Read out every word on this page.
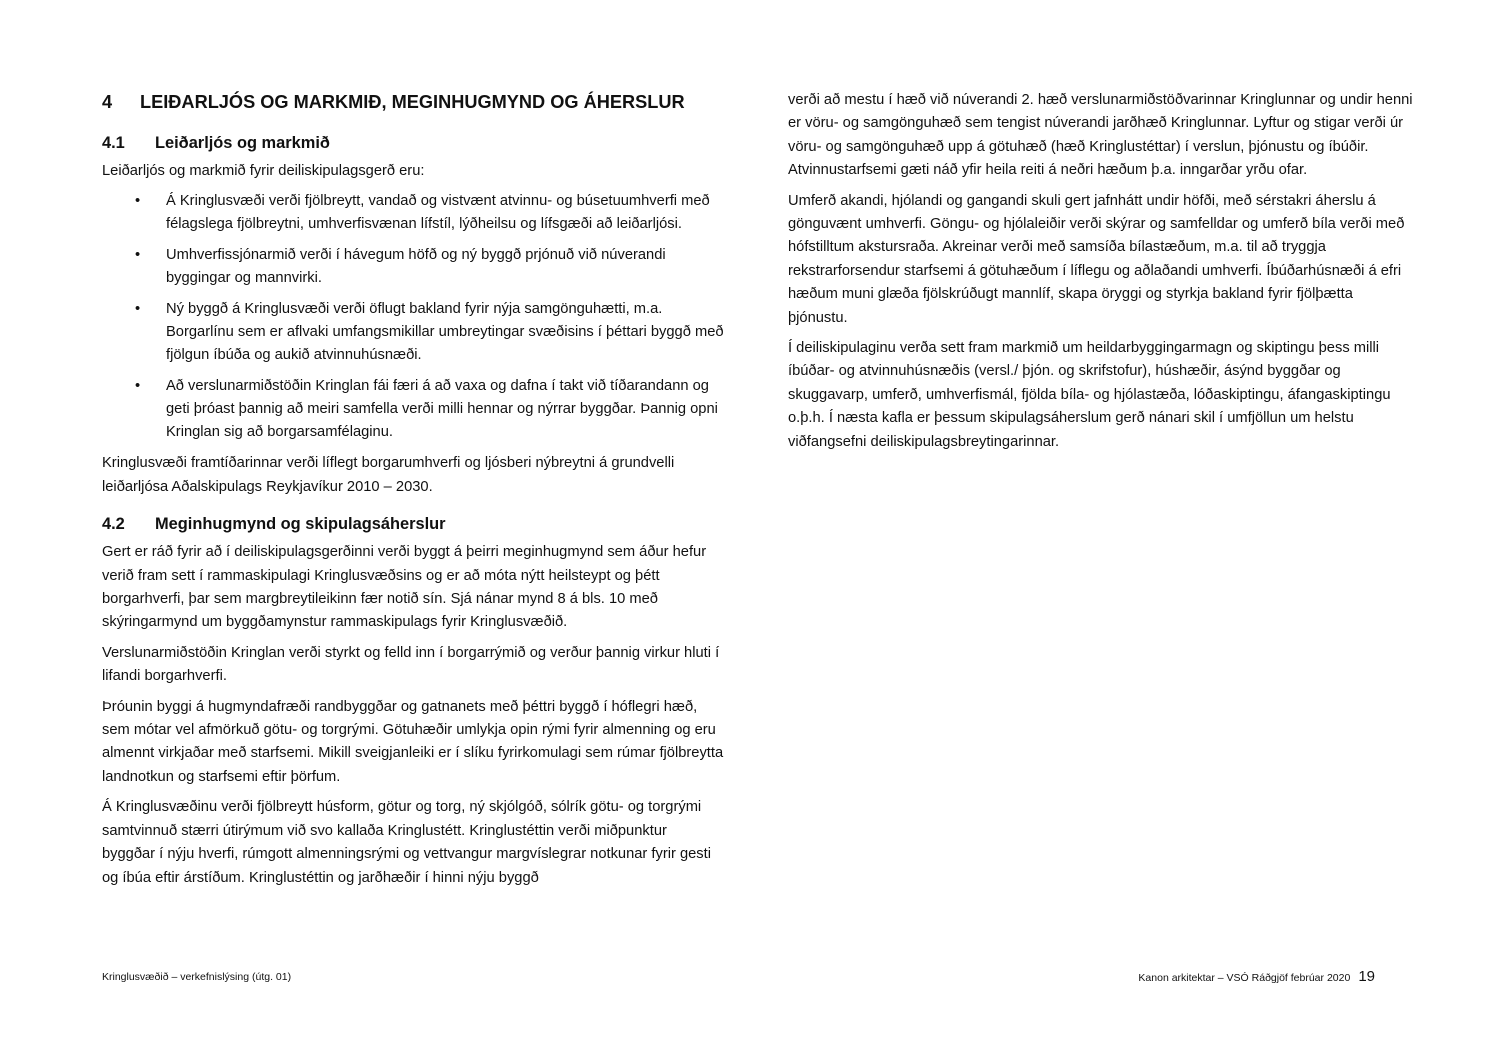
4	LEIÐARLJÓS OG MARKMIÐ, MEGINHUGMYND OG ÁHERSLUR
4.1	Leiðarljós og markmið

Leiðarljós og markmið fyrir deiliskipulagsgerð eru:

•	Á Kringlusvæði verði fjölbreytt, vandað og vistvænt atvinnu- og búsetuumhverfi með félagslega fjölbreytni, umhverfisvænan lífstíl, lýðheilsu og lífsgæði að leiðarljósi.
•	Umhverfissjónarmið verði í hávegum höfð og ný byggð prjónuð við núverandi byggingar og mannvirki.
•	Ný byggð á Kringlusvæði verði öflugt bakland fyrir nýja samgönguhætti, m.a. Borgarlínu sem er aflvaki umfangsmikillar umbreytingar svæðisins í þéttari byggð með fjölgun íbúða og aukið atvinnuhúsnæði.
•	Að verslunarmiðstöðin Kringlan fái færi á að vaxa og dafna í takt við tíðarandann og geti þróast þannig að meiri samfella verði milli hennar og nýrrar byggðar. Þannig opni Kringlan sig að borgarsamfélaginu.

Kringlusvæði framtíðarinnar verði líflegt borgarumhverfi og ljósberi nýbreytni á grundvelli leiðarljósa Aðalskipulags Reykjavíkur 2010 – 2030.

4.2	Meginhugmynd og skipulagsáherslur

Gert er ráð fyrir að í deiliskipulagsgerðinni verði byggt á þeirri meginhugmynd sem áður hefur verið fram sett í rammaskipulagi Kringlusvæðsins og er að móta nýtt heilsteypt og þétt borgarhverfi, þar sem margbreytileikinn fær notið sín. Sjá nánar mynd 8 á bls. 10 með skýringarmynd um byggðamynstur rammaskipulags fyrir Kringlusvæðið.

Verslunarmiðstöðin Kringlan verði styrkt og felld inn í borgarrýmið og verður þannig virkur hluti í lifandi borgarhverfi.

Þróunin byggi á hugmyndafræði randbyggðar og gatnanets með þéttri byggð í hóflegri hæð, sem mótar vel afmörkuð götu- og torgrými. Götuhæðir umlykja opin rými fyrir almenning og eru almennt virkjaðar með starfsemi. Mikill sveigjanleiki er í slíku fyrirkomulagi sem rúmar fjölbreytta landnotkun og starfsemi eftir þörfum.

Á Kringlusvæðinu verði fjölbreytt húsform, götur og torg, ný skjólgóð, sólrík götu- og torgrými samtvinnuð stærri útirýmum við svo kallaða Kringlustétt. Kringlustéttin verði miðpunktur byggðar í nýju hverfi, rúmgott almenningsrými og vettvangur margvíslegrar notkunar fyrir gesti og íbúa eftir árstíðum. Kringlustéttin og jarðhæðir í hinni nýju byggð

verði að mestu í hæð við núverandi 2. hæð verslunarmiðstöðvarinnar Kringlunnar og undir henni er vöru- og samgönguhæð sem tengist núverandi jarðhæð Kringlunnar. Lyftur og stigar verði úr vöru- og samgönguhæð upp á götuhæð (hæð Kringlustéttar) í verslun, þjónustu og íbúðir. Atvinnustarfsemi gæti náð yfir heila reiti á neðri hæðum þ.a. inngarðar yrðu ofar.

Umferð akandi, hjólandi og gangandi skuli gert jafnhátt undir höfði, með sérstakri áherslu á gönguvænt umhverfi. Göngu- og hjólaleiðir verði skýrar og samfelldar og umferð bíla verði með hófstilltum akstursraða. Akreinar verði með samsíða bílastæðum, m.a. til að tryggja rekstrarforsendur starfsemi á götuhæðum í líflegu og aðlaðandi umhverfi. Íbúðarhúsnæði á efri hæðum muni glæða fjölskrúðugt mannlíf, skapa öryggi og styrkja bakland fyrir fjölþætta þjónustu.

Í deiliskipulaginu verða sett fram markmið um heildarbyggingarmagn og skiptingu þess milli íbúðar- og atvinnuhúsnæðis (versl./ þjón. og skrifstofur), húshæðir, ásýnd byggðar og skuggavarp, umferð, umhverfismál, fjölda bíla- og hjólastæða, lóðaskiptingu, áfangaskiptingu o.þ.h. Í næsta kafla er þessum skipulagsáherslum gerð nánari skil í umfjöllun um helstu viðfangsefni deiliskipulagsbreytingarinnar.

Kringlusvæðið – verkefnislýsing (útg. 01)	Kanon arkitektar – VSÓ Ráðgjöf febrúar 2020 19
